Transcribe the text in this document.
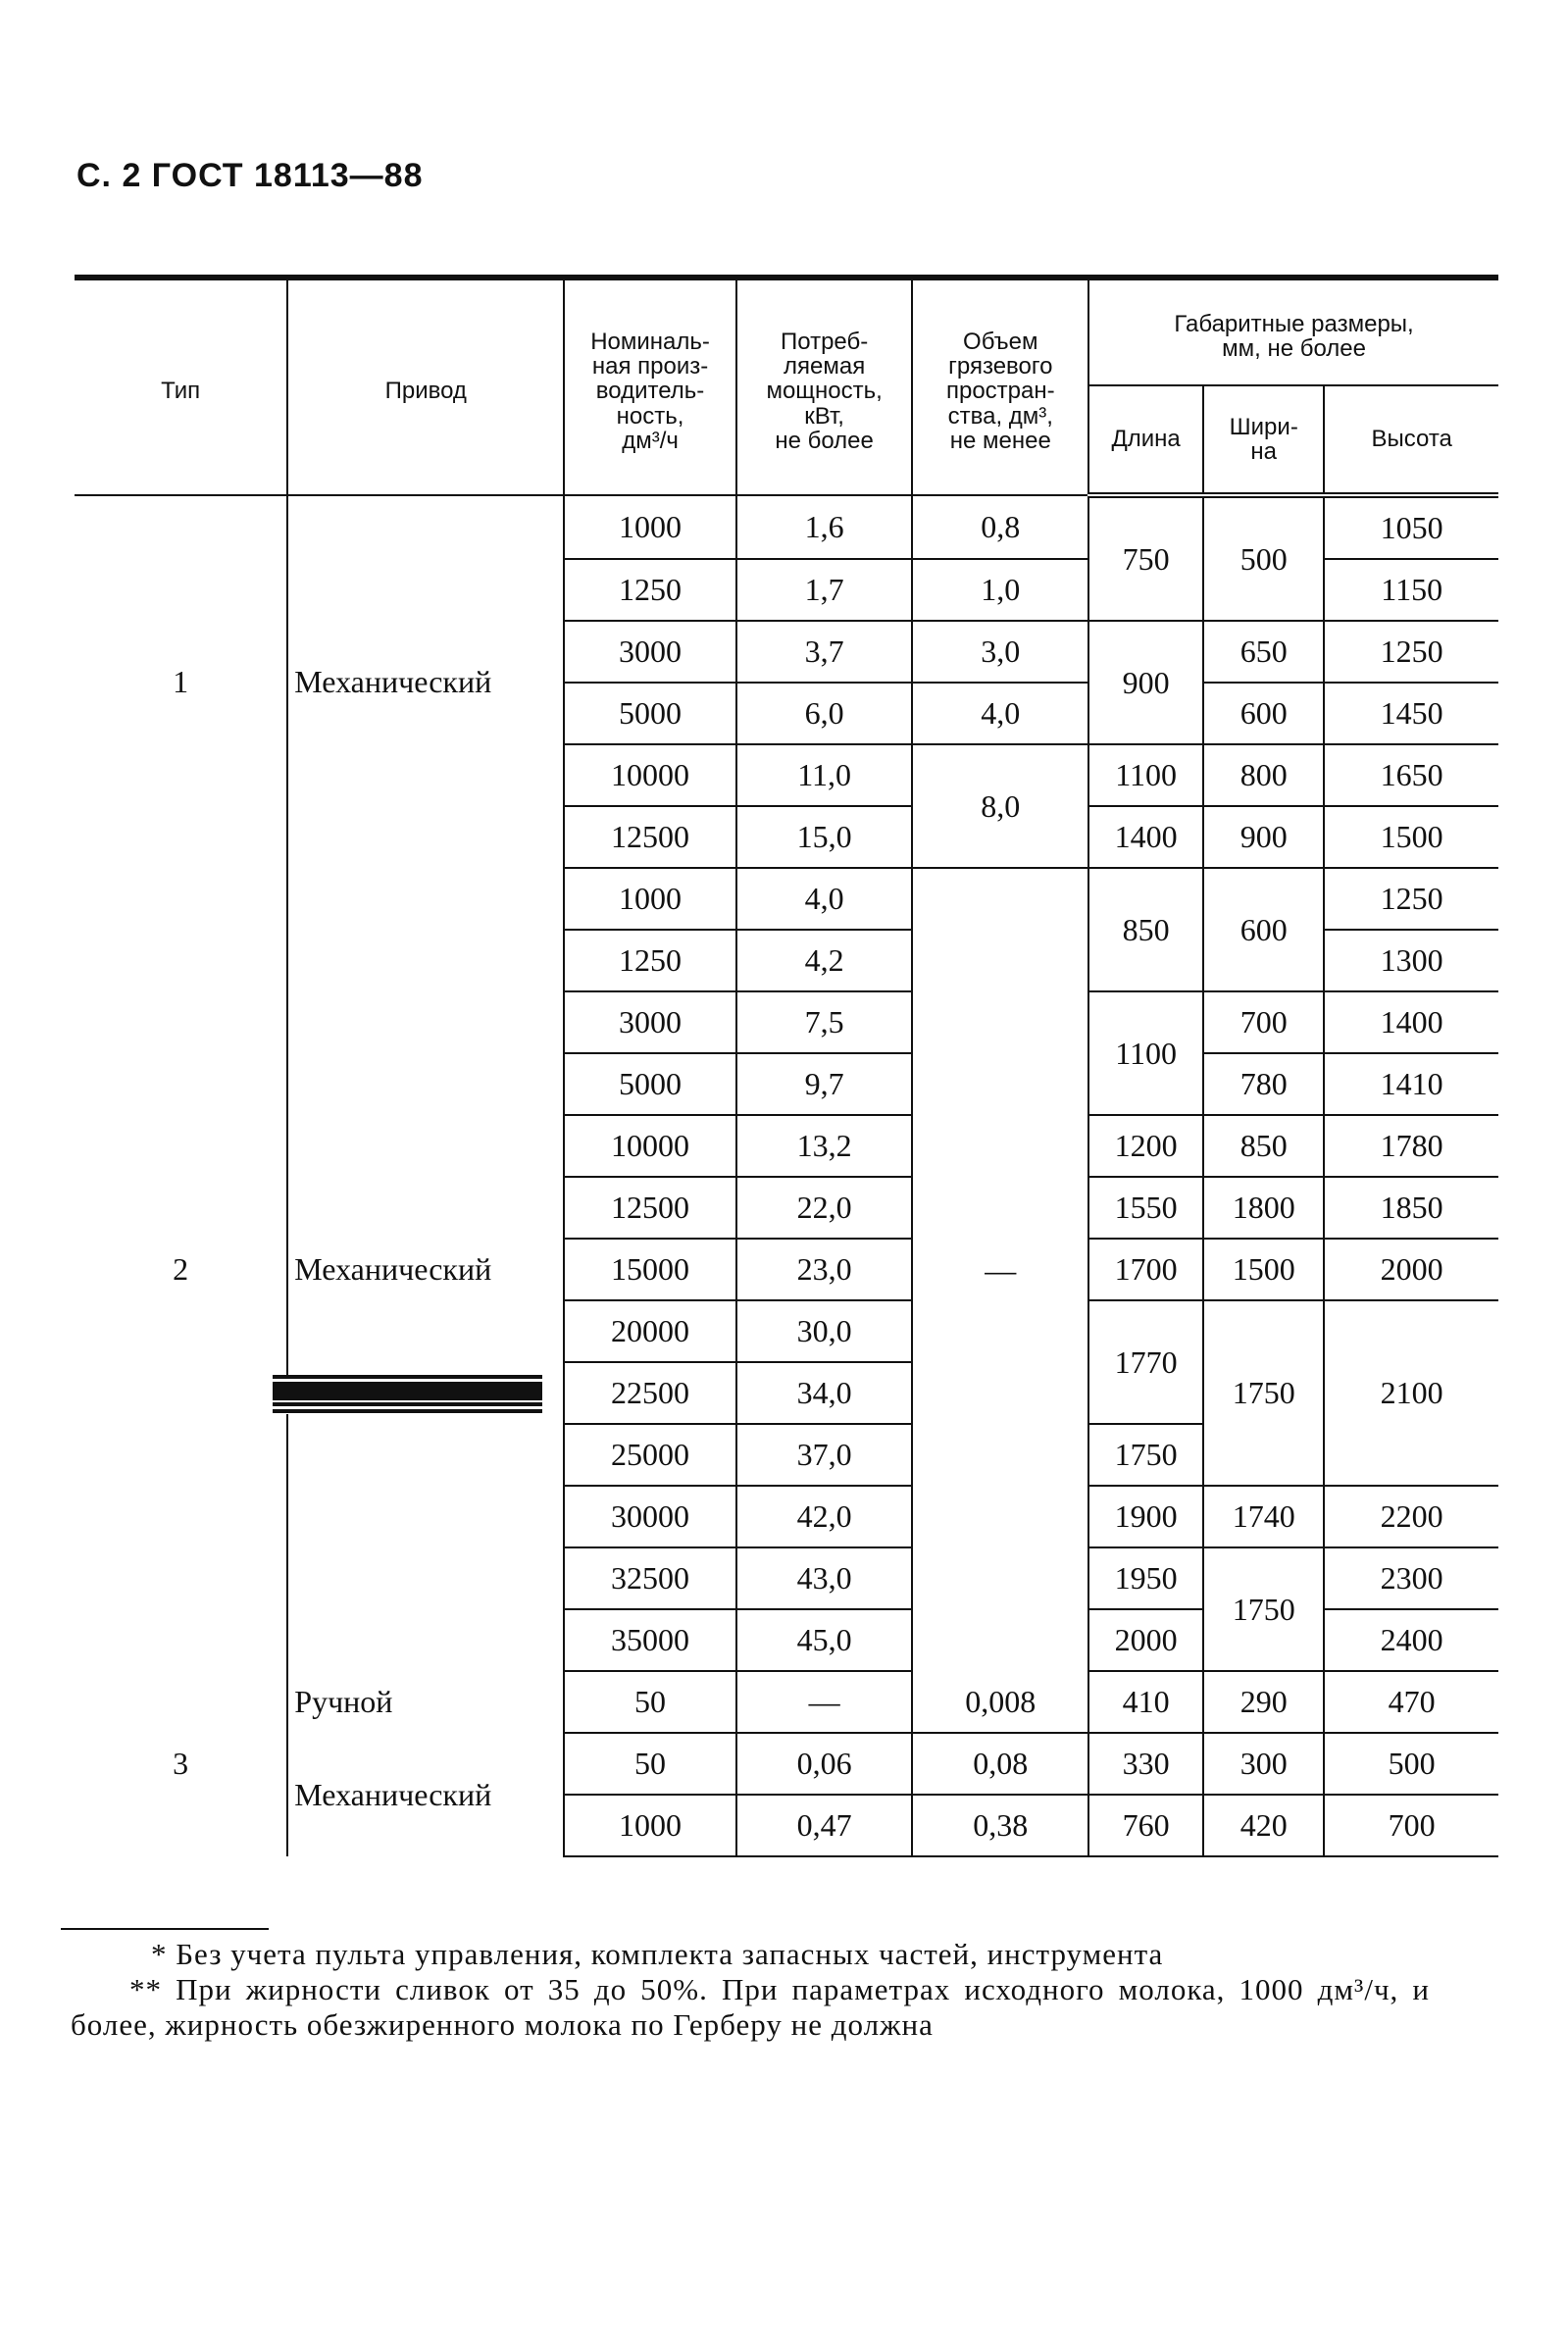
С. 2 ГОСТ 18113—88
Тип	Привод	Номиналь-
ная произ-
водитель-
ность,
дм³/ч	Потреб-
ляемая
мощность,
кВт,
не более	Объем
грязевого
простран-
ства, дм³,
не менее	Габаритные размеры,
мм, не более		
					Длина	Шири-
на	Высота
1	Механический	1000	1,6	0,8	750	500	1050
		1250	1,7	1,0			1150
		3000	3,7	3,0	900	650	1250
		5000	6,0	4,0		600	1450
		10000	11,0	8,0	1100	800	1650
		12500	15,0		1400	900	1500
2	Механический	1000	4,0	—	850	600	1250
		1250	4,2				1300
		3000	7,5		1100	700	1400
		5000	9,7			780	1410
		10000	13,2		1200	850	1780
		12500	22,0		1550	1800	1850
		15000	23,0		1700	1500	2000
		20000	30,0		1770	1750	2100
		22500	34,0				
		25000	37,0		1750		
		30000	42,0		1900	1740	2200
		32500	43,0		1950	1750	2300
		35000	45,0		2000		2400
3	Ручной	50	—	0,008	410	290	470
	Механический	50	0,06	0,08	330	300	500
		1000	0,47	0,38	760	420	700

* Без учета пульта управления, комплекта запасных частей, инструмента

** При жирности сливок от 35 до 50%. При параметрах исходного молока, 1000 дм³/ч, и более, жирность обезжиренного молока по Герберу не должна
